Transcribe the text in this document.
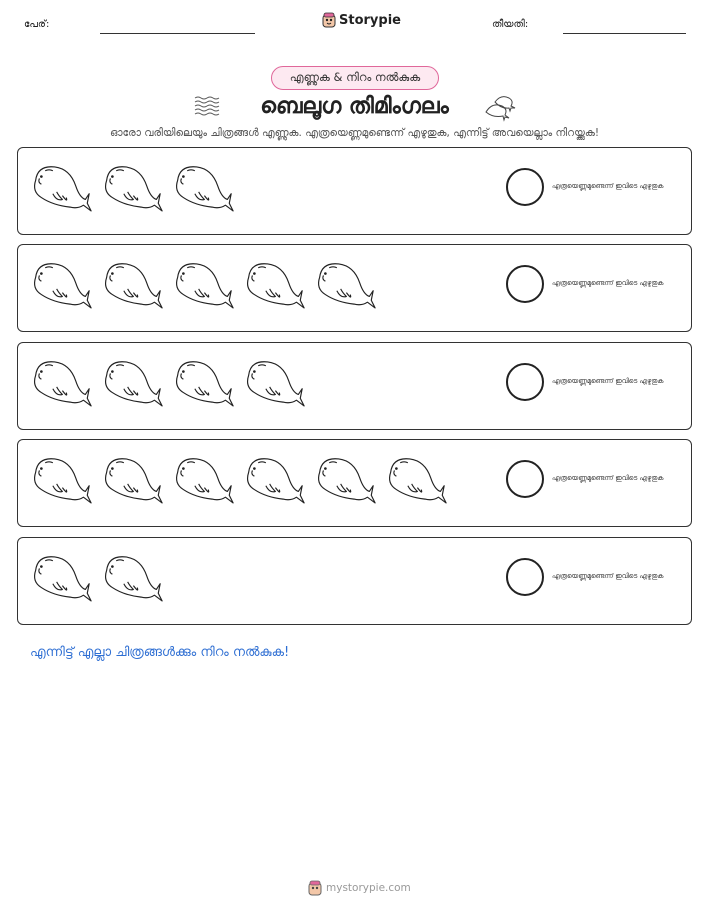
പേര്:	Storypie	തീയതി:
എണ്ണുക & നിറം നൽകുക
ബെലൂഗ തിമിംഗലം
ഓരോ വരിയിലെയും ചിത്രങ്ങൾ എണ്ണുക. എത്രയെണ്ണമുണ്ടെന്ന് എഴുതുക, എന്നിട്ട് അവയെല്ലാം നിറയ്ക്കുക!
എത്രയെണ്ണമുണ്ടെന്ന് ഇവിടെ എഴുതുക
എത്രയെണ്ണമുണ്ടെന്ന് ഇവിടെ എഴുതുക
എത്രയെണ്ണമുണ്ടെന്ന് ഇവിടെ എഴുതുക
എത്രയെണ്ണമുണ്ടെന്ന് ഇവിടെ എഴുതുക
എത്രയെണ്ണമുണ്ടെന്ന് ഇവിടെ എഴുതുക
എന്നിട്ട് എല്ലാ ചിത്രങ്ങൾക്കും നിറം നൽകുക!
mystorypie.com
